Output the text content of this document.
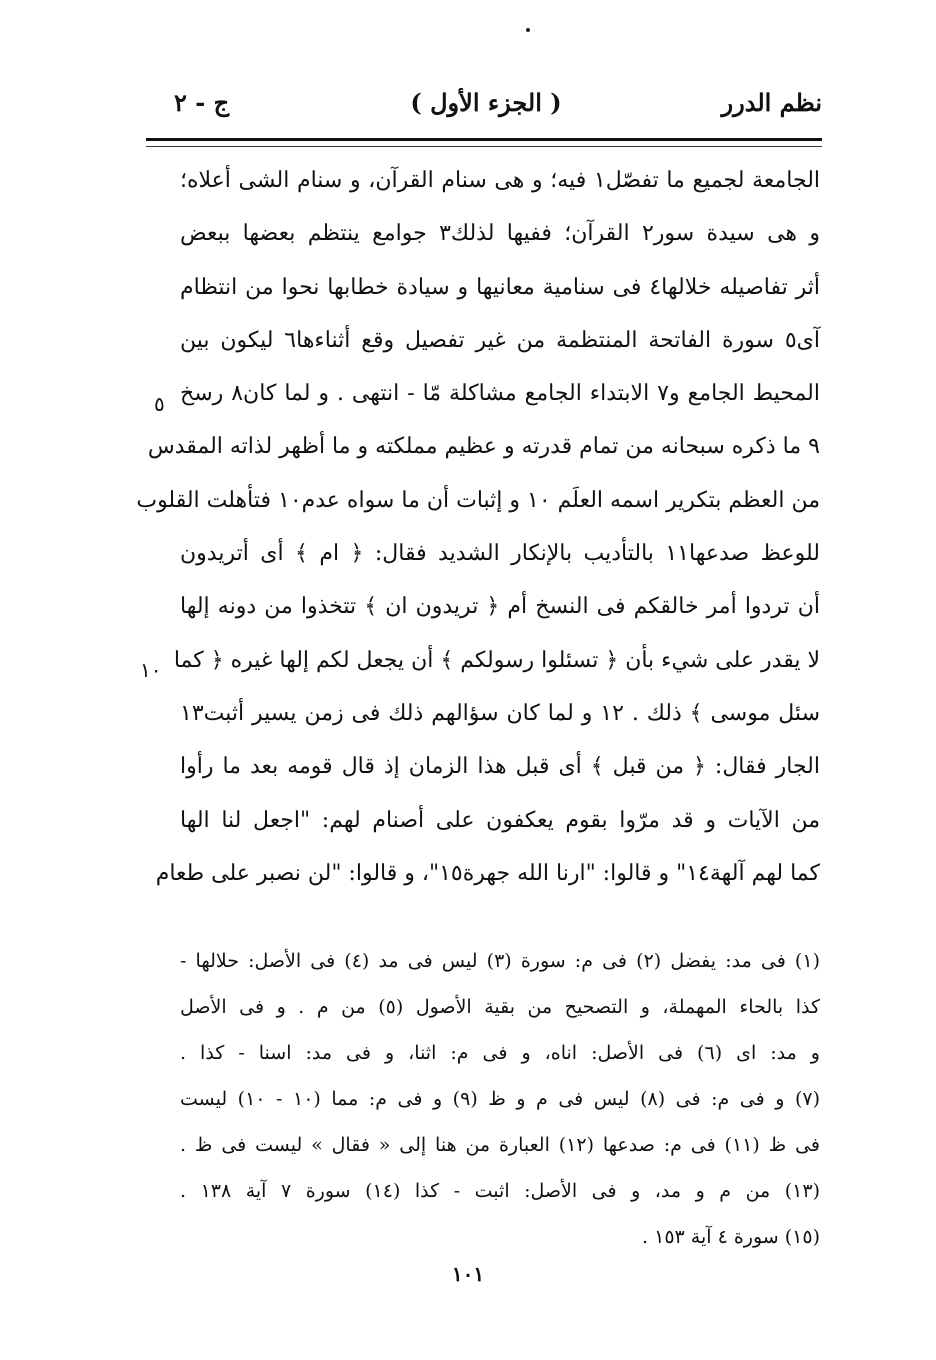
نظم الدرر
( الجزء الأول )
ج - ٢
الجامعة لجميع ما تفصّل١ فيه؛ و هى سنام القرآن، و سنام الشى أعلاه؛
و هى سيدة سور٢ القرآن؛ ففيها لذلك٣ جوامع ينتظم بعضها ببعض
أثر تفاصيله خلالها٤ فى سنامية معانيها و سيادة خطابها نحوا من انتظام
آى٥ سورة الفاتحة المنتظمة من غير تفصيل وقع أثناءها٦ ليكون بين
المحيط الجامع و٧ الابتداء الجامع مشاكلة مّا - انتهى . و لما كان٨ رسخ
٩ ما ذكره سبحانه من تمام قدرته و عظيم مملكته و ما أظهر لذاته المقدس
من العظم بتكرير اسمه العلَم ١٠ و إثبات أن ما سواه عدم١٠ فتأهلت القلوب
للوعظ صدعها١١ بالتأديب بالإنكار الشديد فقال: ﴿ ام ﴾ أى أتريدون
أن تردوا أمر خالقكم فى النسخ أم ﴿ تريدون ان ﴾ تتخذوا من دونه إلها
لا يقدر على شيء بأن ﴿ تسئلوا رسولكم ﴾ أن يجعل لكم إلها غيره ﴿ كما
سئل موسى ﴾ ذلك . ١٢ و لما كان سؤالهم ذلك فى زمن يسير أثبت١٣
الجار فقال: ﴿ من قبل ﴾ أى قبل هذا الزمان إذ قال قومه بعد ما رأوا
من الآيات و قد مرّوا بقوم يعكفون على أصنام لهم: "اجعل لنا الها
كما لهم آلهة١٤" و قالوا: "ارنا الله جهرة١٥"، و قالوا: "لن نصبر على طعام
٥
١٠
(١) فى مد: يفضل (٢) فى م: سورة (٣) ليس فى مد (٤) فى الأصل: حلالها -
كذا بالحاء المهملة، و التصحيح من بقية الأصول (٥) من م . و فى الأصل
و مد: اى (٦) فى الأصل: اناه، و فى م: اثنا، و فى مد: اسنا - كذا .
(٧) و فى م: فى (٨) ليس فى م و ظ (٩) و فى م: مما (١٠ - ١٠) ليست
فى ظ (١١) فى م: صدعها (١٢) العبارة من هنا إلى « فقال » ليست فى ظ .
(١٣) من م و مد، و فى الأصل: اثبت - كذا (١٤) سورة ٧ آية ١٣٨ .
(١٥) سورة ٤ آية ١٥٣ .
١٠١
